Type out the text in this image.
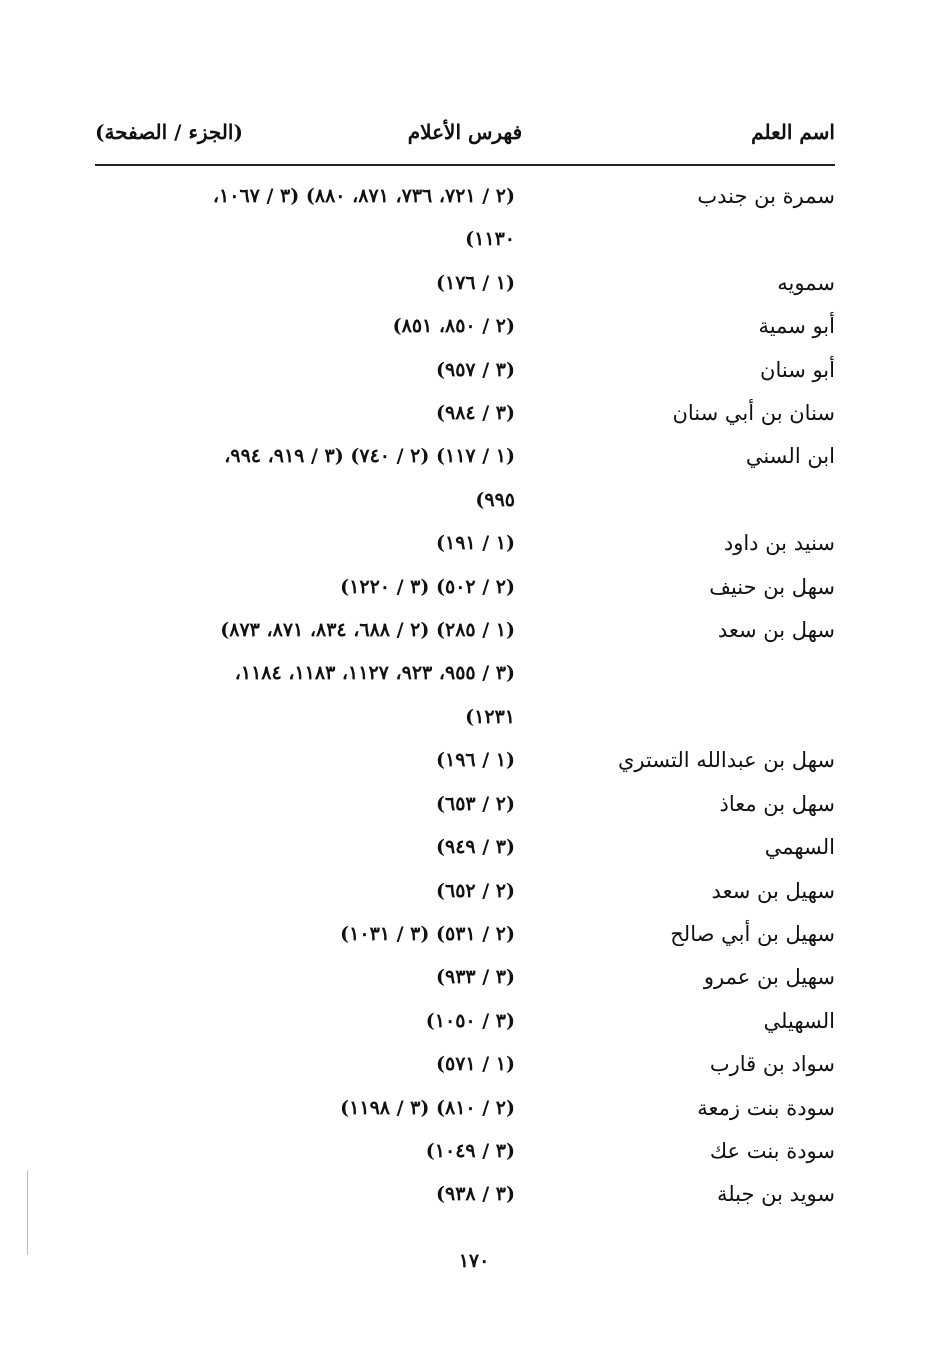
اسم العلم
فهرس الأعلام
(الجزء / الصفحة)
سمرة بن جندب
(٢ / ٧٢١، ٧٣٦، ٨٧١، ٨٨٠) (٣ / ١٠٦٧،
١١٣٠)
سمويه
(١ / ١٧٦)
أبو سمية
(٢ / ٨٥٠، ٨٥١)
أبو سنان
(٣ / ٩٥٧)
سنان بن أبي سنان
(٣ / ٩٨٤)
ابن السني
(١ / ١١٧) (٢ / ٧٤٠) (٣ / ٩١٩، ٩٩٤،
٩٩٥)
سنيد بن داود
(١ / ١٩١)
سهل بن حنيف
(٢ / ٥٠٢) (٣ / ١٢٢٠)
سهل بن سعد
(١ / ٢٨٥) (٢ / ٦٨٨، ٨٣٤، ٨٧١، ٨٧٣)
(٣ / ٩٥٥، ٩٢٣، ١١٢٧، ١١٨٣، ١١٨٤،
١٢٣١)
سهل بن عبدالله التستري
(١ / ١٩٦)
سهل بن معاذ
(٢ / ٦٥٣)
السهمي
(٣ / ٩٤٩)
سهيل بن سعد
(٢ / ٦٥٢)
سهيل بن أبي صالح
(٢ / ٥٣١) (٣ / ١٠٣١)
سهيل بن عمرو
(٣ / ٩٣٣)
السهيلي
(٣ / ١٠٥٠)
سواد بن قارب
(١ / ٥٧١)
سودة بنت زمعة
(٢ / ٨١٠) (٣ / ١١٩٨)
سودة بنت عك
(٣ / ١٠٤٩)
سويد بن جبلة
(٣ / ٩٣٨)
١٧٠
